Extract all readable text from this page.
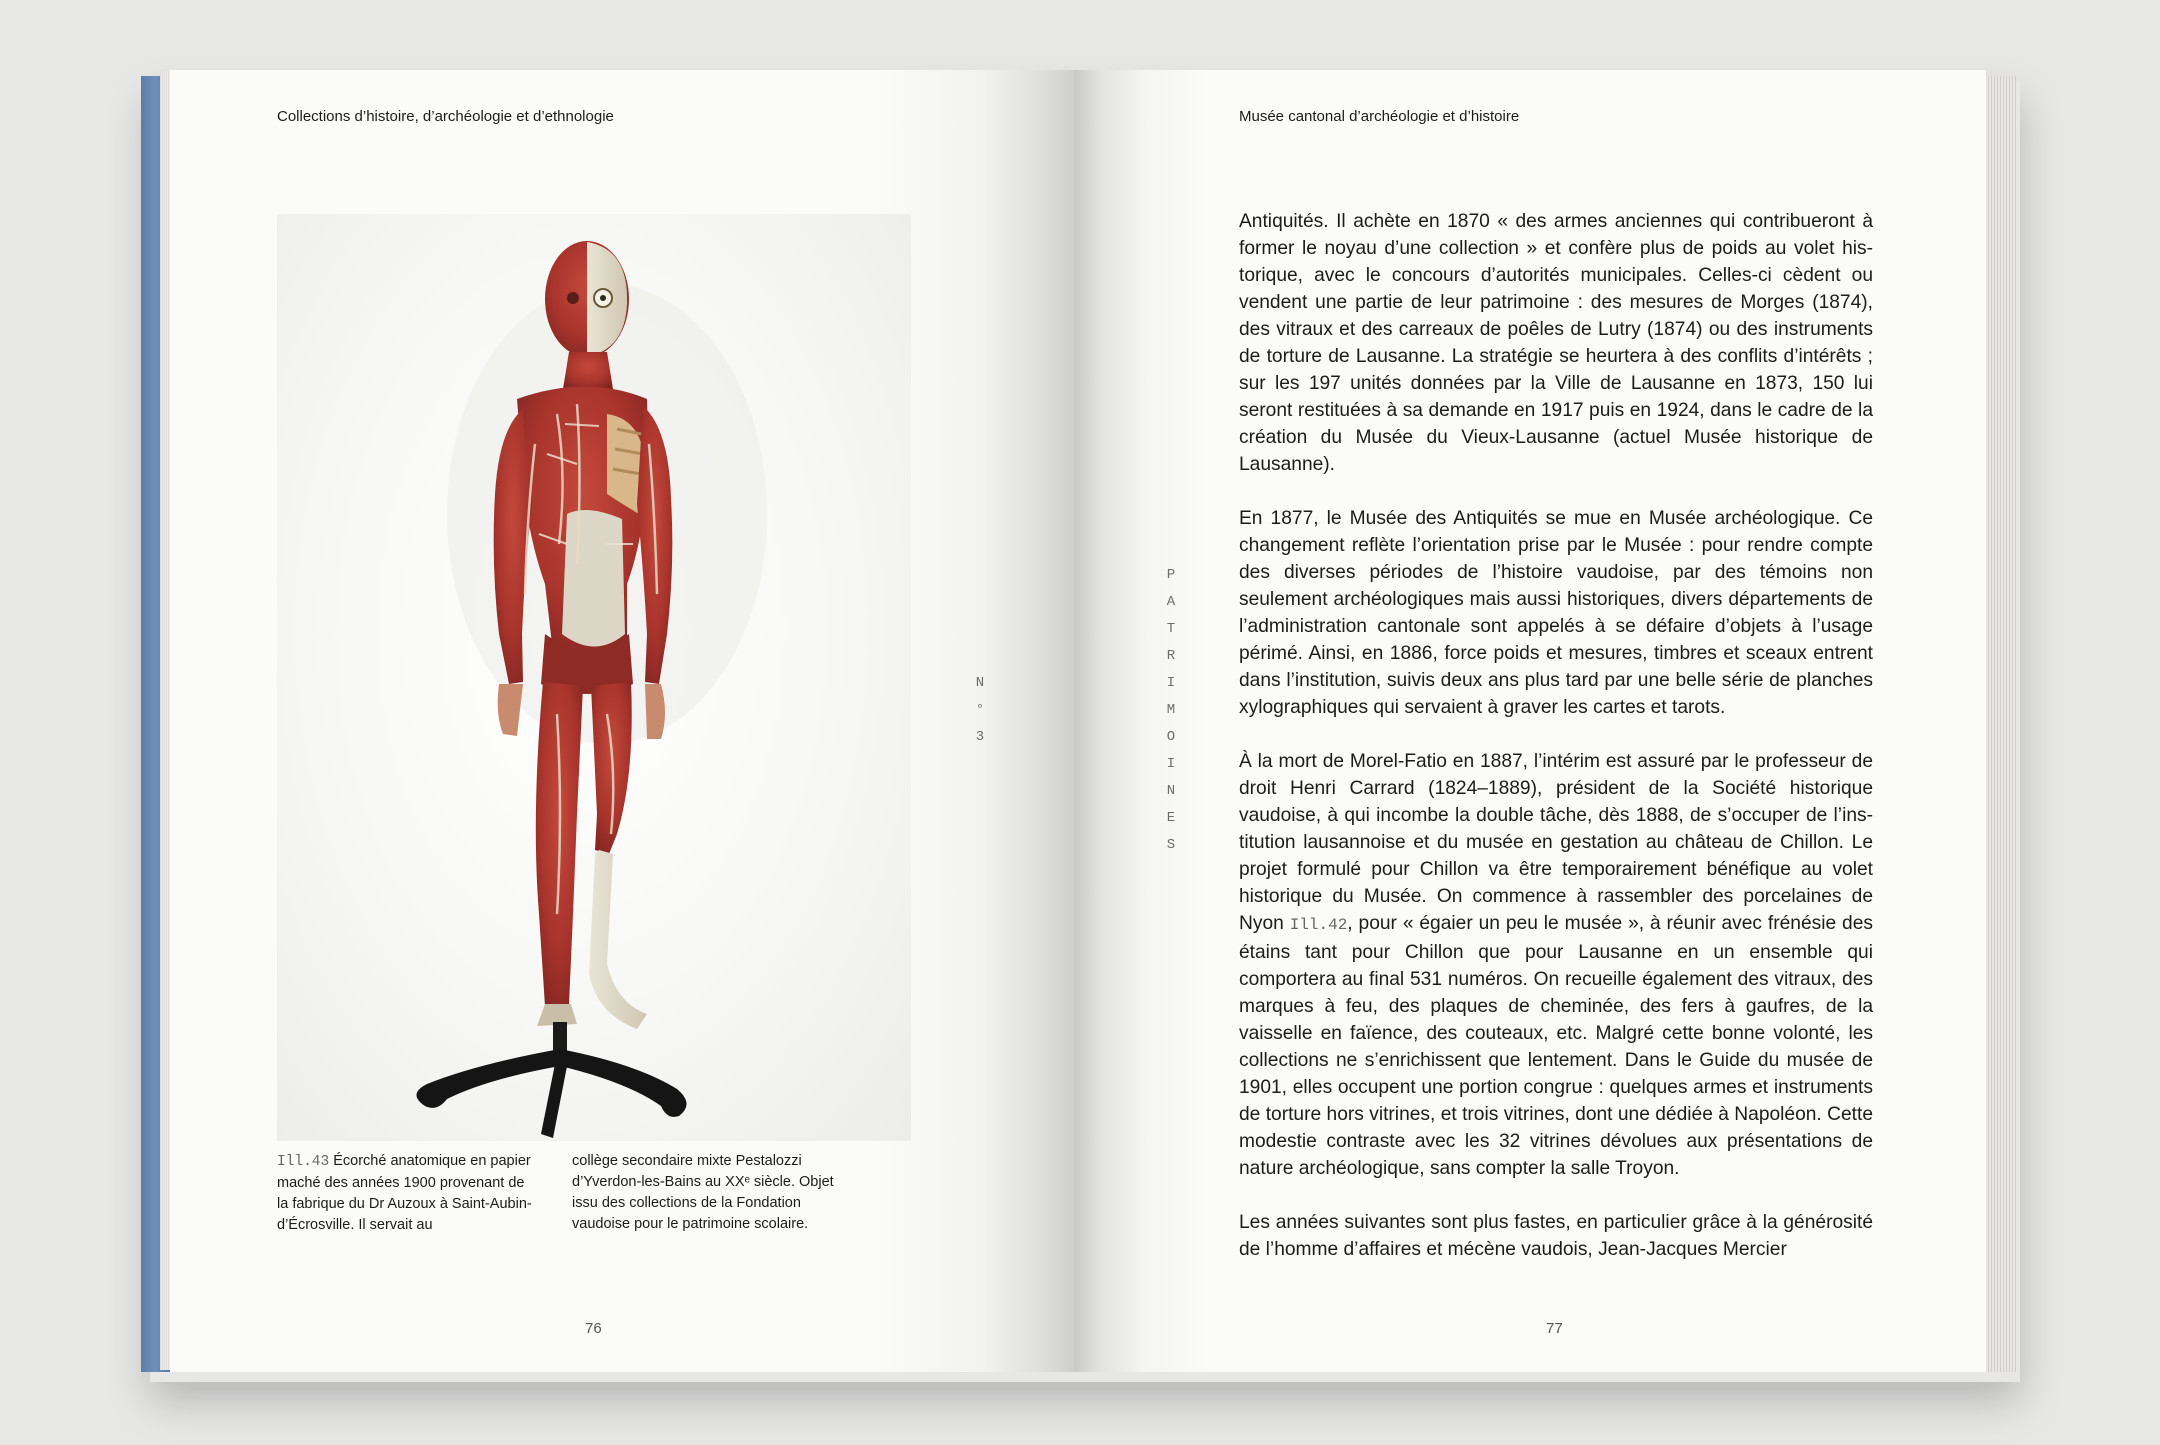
Collections d’histoire, d’archéologie et d’ethnologie
Ill.43 Écorché anatomique en papier maché des années 1900 provenant de la fabrique du Dr Auzoux à Saint-Aubin-d’Écrosville. Il servait au
collège secondaire mixte Pestalozzi d’Yverdon-les-Bains au XXᵉ siècle. Objet issu des collections de la Fondation vaudoise pour le patrimoine scolaire.
76
N
°
3
P
A
T
R
I
M
O
I
N
E
S
Musée cantonal d’archéologie et d’histoire

Antiquités. Il achète en 1870 « des armes anciennes qui contribueront à former le noyau d’une collection » et confère plus de poids au volet historique, avec le concours d’autorités municipales. Celles-ci cèdent ou vendent une partie de leur patrimoine : des mesures de Morges (1874), des vitraux et des carreaux de poêles de Lutry (1874) ou des instruments de torture de Lausanne. La stratégie se heurtera à des conflits d’intérêts ; sur les 197 unités données par la Ville de Lausanne en 1873, 150 lui seront restituées à sa demande en 1917 puis en 1924, dans le cadre de la création du Musée du Vieux-Lausanne (actuel Musée historique de Lausanne).

En 1877, le Musée des Antiquités se mue en Musée archéologique. Ce changement reflète l’orientation prise par le Musée : pour rendre compte des diverses périodes de l’histoire vaudoise, par des témoins non seulement archéologiques mais aussi historiques, divers départements de l’administration cantonale sont appelés à se défaire d’objets à l’usage périmé. Ainsi, en 1886, force poids et mesures, timbres et sceaux entrent dans l’institution, suivis deux ans plus tard par une belle série de planches xylographiques qui servaient à graver les cartes et tarots.

À la mort de Morel-Fatio en 1887, l’intérim est assuré par le professeur de droit Henri Carrard (1824–1889), président de la Société historique vaudoise, à qui incombe la double tâche, dès 1888, de s’occuper de l’institution lausannoise et du musée en gestation au château de Chillon. Le projet formulé pour Chillon va être temporairement bénéfique au volet historique du Musée. On commence à rassembler des porcelaines de Nyon Ill.42, pour « égaier un peu le musée », à réunir avec frénésie des étains tant pour Chillon que pour Lausanne en un ensemble qui comportera au final 531 numéros. On recueille également des vitraux, des marques à feu, des plaques de cheminée, des fers à gaufres, de la vaisselle en faïence, des couteaux, etc. Malgré cette bonne volonté, les collections ne s’enrichissent que lentement. Dans le Guide du musée de 1901, elles occupent une portion congrue : quelques armes et instruments de torture hors vitrines, et trois vitrines, dont une dédiée à Napoléon. Cette modestie contraste avec les 32 vitrines dévolues aux présentations de nature archéologique, sans compter la salle Troyon.

Les années suivantes sont plus fastes, en particulier grâce à la générosité de l’homme d’affaires et mécène vaudois, Jean-Jacques Mercier

77
